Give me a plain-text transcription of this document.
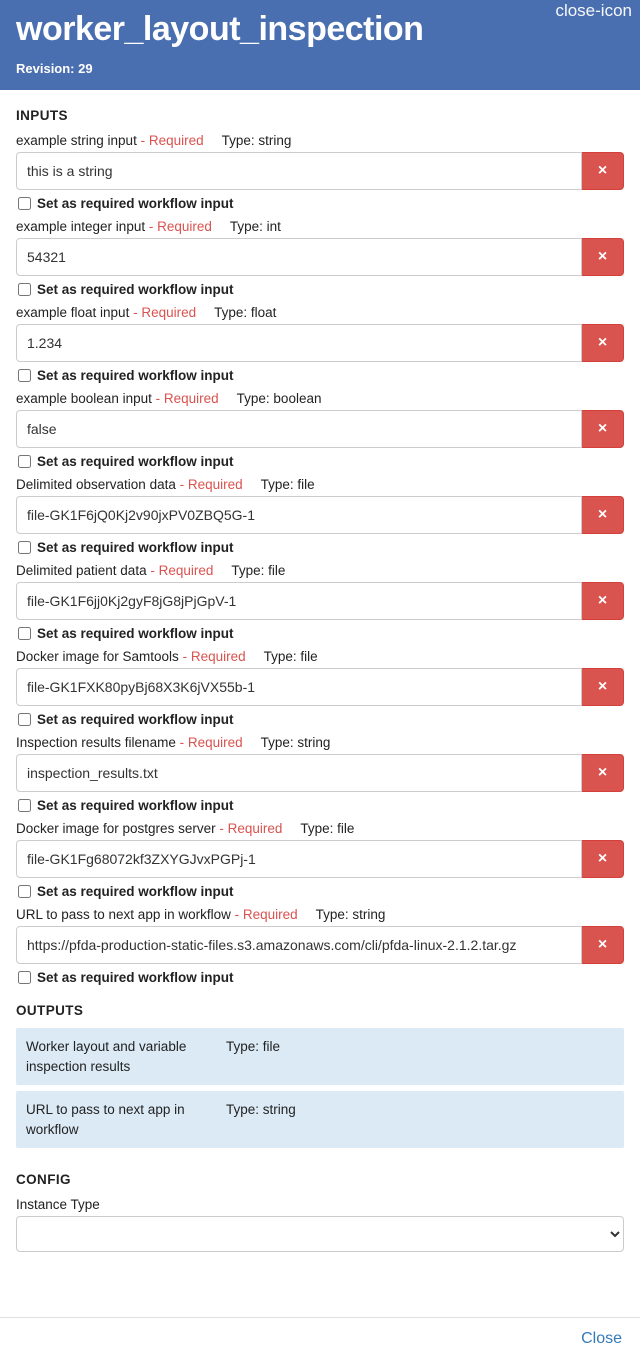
close-icon
worker_layout_inspection
Revision: 29
INPUTS
example string input - Required Type: string
this is a string
×
Set as required workflow input
example integer input - Required Type: int
54321
×
Set as required workflow input
example float input - Required Type: float
1.234
×
Set as required workflow input
example boolean input - Required Type: boolean
false
×
Set as required workflow input
Delimited observation data - Required Type: file
file-GK1F6jQ0Kj2v90jxPV0ZBQ5G-1
×
Set as required workflow input
Delimited patient data - Required Type: file
file-GK1F6jj0Kj2gyF8jG8jPjGpV-1
×
Set as required workflow input
Docker image for Samtools - Required Type: file
file-GK1FXK80pyBj68X3K6jVX55b-1
×
Set as required workflow input
Inspection results filename - Required Type: string
inspection_results.txt
×
Set as required workflow input
Docker image for postgres server - Required Type: file
file-GK1Fg68072kf3ZXYGJvxPGPj-1
×
Set as required workflow input
URL to pass to next app in workflow - Required Type: string
https://pfda-production-static-files.s3.amazonaws.com/cli/pfda-linux-2.1.2.tar.gz
×
Set as required workflow input
OUTPUTS
Worker layout and variable inspection results
Type: file
URL to pass to next app in workflow
Type: string
CONFIG
Instance Type
Close
